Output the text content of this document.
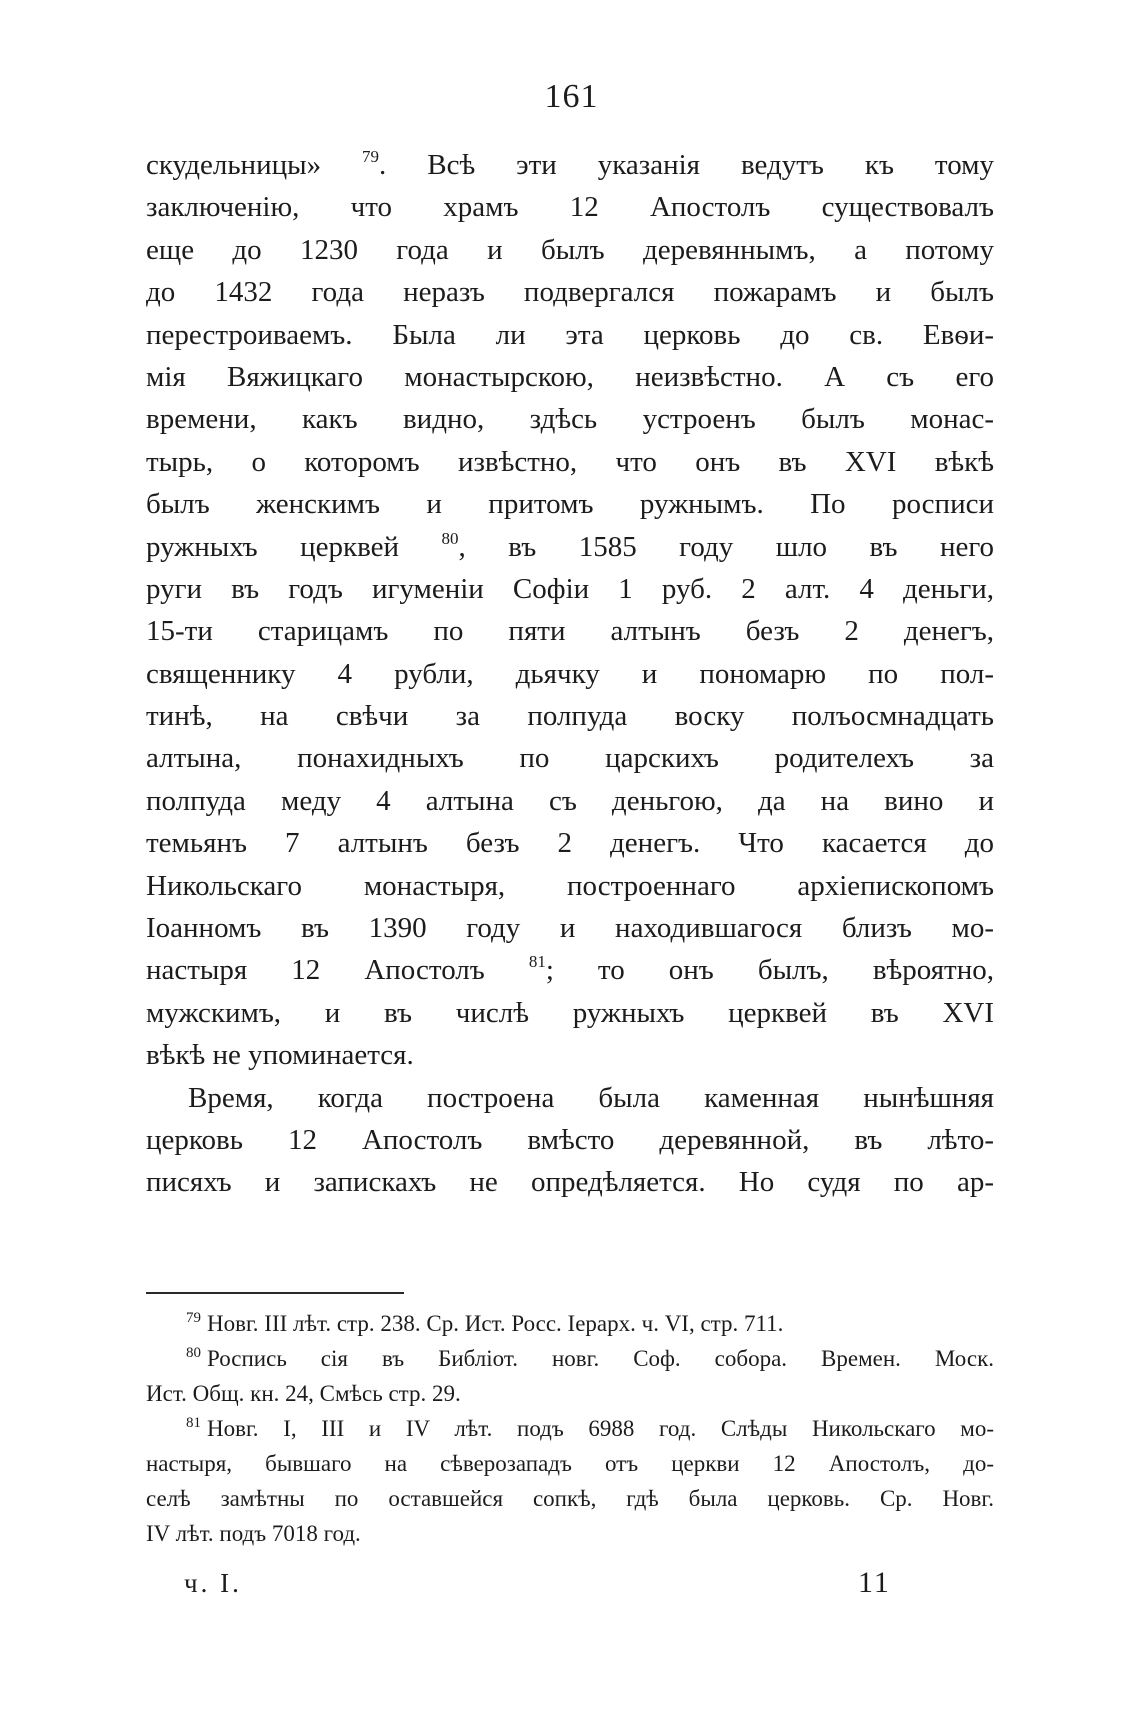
161
скудельницы» $^{79}$. Всѣ эти указанія ведутъ къ тому
заключенію, что храмъ 12 Апостолъ существовалъ
еще до 1230 года и былъ деревяннымъ, а потому
до 1432 года неразъ подвергался пожарамъ и былъ
перестроиваемъ. Была ли эта церковь до св. Евѳи-
мія Вяжицкаго монастырскою, неизвѣстно. А съ его
времени, какъ видно, здѣсь устроенъ былъ монас-
тырь, о которомъ извѣстно, что онъ въ XVI вѣкѣ
былъ женскимъ и притомъ ружнымъ. По росписи
ружныхъ церквей $^{80}$, въ 1585 году шло въ него
руги въ годъ игуменіи Софіи 1 руб. 2 алт. 4 деньги,
15-ти старицамъ по пяти алтынъ безъ 2 денегъ,
священнику 4 рубли, дьячку и пономарю по пол-
тинѣ, на свѣчи за полпуда воску полъосмнадцать
алтына, понахидныхъ по царскихъ родителехъ за
полпуда меду 4 алтына съ деньгою, да на вино и
темьянъ 7 алтынъ безъ 2 денегъ. Что касается до
Никольскаго монастыря, построеннаго архіепископомъ
Іоанномъ въ 1390 году и находившагося близъ мо-
настыря 12 Апостолъ	$^{81}$; то онъ былъ, вѣроятно,
мужскимъ, и въ числѣ ружныхъ церквей въ XVI
вѣкѣ не упоминается.
Время, когда построена была каменная нынѣшняя
церковь 12 Апостолъ вмѣсто деревянной, въ лѣто-
писяхъ и запискахъ не опредѣляется. Но судя по ар-
$^{79}$ Новг. III лѣт. стр. 238. Ср. Ист. Росс. Іерарх. ч. VI, стр. 711.
$^{80}$ Роспись сія въ Библіот. новг. Соф. собора. Времен. Моск.
Ист. Общ. кн. 24, Смѣсь стр. 29.
$^{81}$ Новг. I, III и IV лѣт. подъ 6988 год. Слѣды Никольскаго мо-
настыря, бывшаго на сѣверозападъ отъ церкви 12 Апостолъ, до-
селѣ замѣтны по оставшейся сопкѣ, гдѣ была церковь. Ср. Новг.
IV лѣт. подъ 7018 год.
ч. I.	11
